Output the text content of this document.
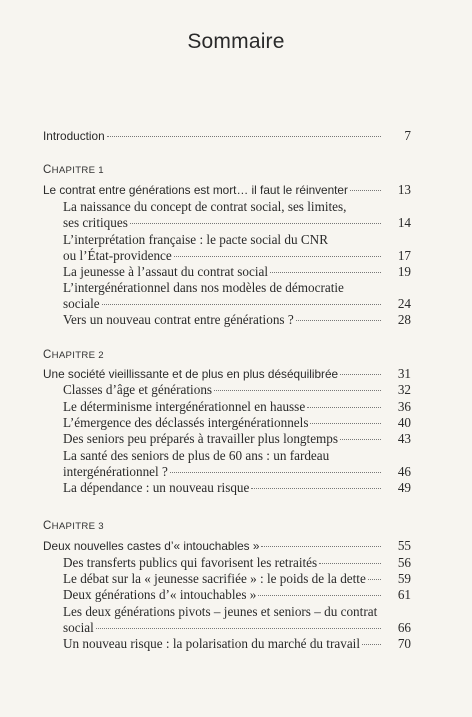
Sommaire
Introduction	7
CHAPITRE 1
Le contrat entre générations est mort… il faut le réinventer	13
La naissance du concept de contrat social, ses limites,
ses critiques	14
L’interprétation française : le pacte social du CNR
ou l’État-providence	17
La jeunesse à l’assaut du contrat social	19
L’intergénérationnel dans nos modèles de démocratie
sociale	24
Vers un nouveau contrat entre générations ?	28
CHAPITRE 2
Une société vieillissante et de plus en plus déséquilibrée	31
Classes d’âge et générations	32
Le déterminisme intergénérationnel en hausse	36
L’émergence des déclassés intergénérationnels	40
Des seniors peu préparés à travailler plus longtemps	43
La santé des seniors de plus de 60 ans : un fardeau
intergénérationnel ?	46
La dépendance : un nouveau risque	49
CHAPITRE 3
Deux nouvelles castes d’« intouchables »	55
Des transferts publics qui favorisent les retraités	56
Le débat sur la « jeunesse sacrifiée » : le poids de la dette	59
Deux générations d’« intouchables »	61
Les deux générations pivots – jeunes et seniors – du contrat
social	66
Un nouveau risque : la polarisation du marché du travail	70
